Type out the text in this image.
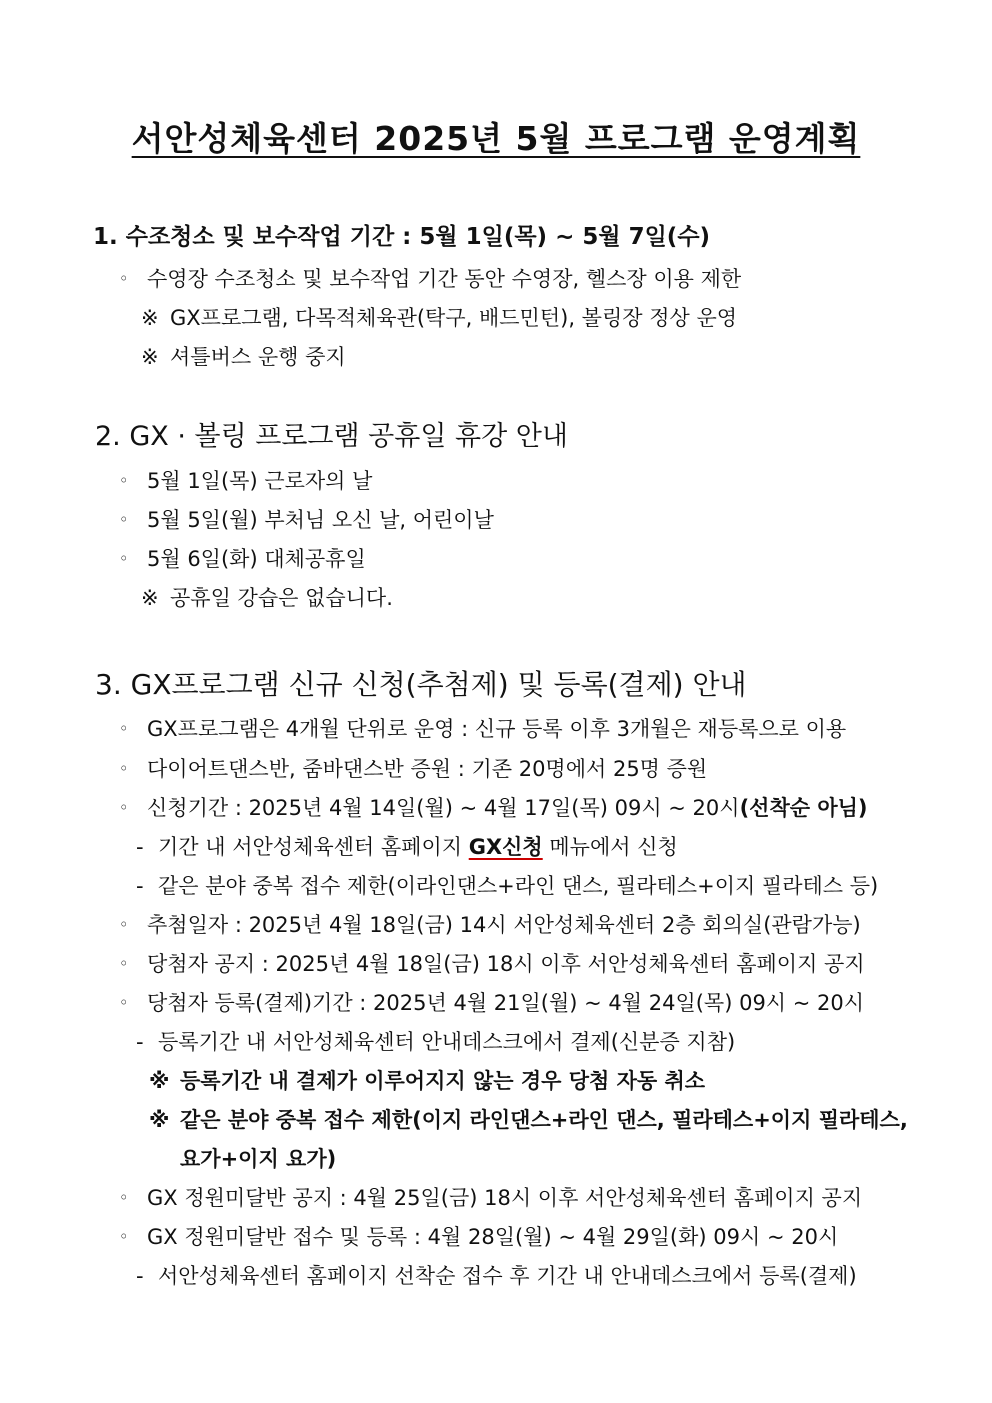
서안성체육센터 2025년 5월 프로그램 운영계획
1. 수조청소 및 보수작업 기간 : 5월 1일(목) ~ 5월 7일(수)
◦ 수영장 수조청소 및 보수작업 기간 동안 수영장, 헬스장 이용 제한
※ GX프로그램, 다목적체육관(탁구, 배드민턴), 볼링장 정상 운영
※ 셔틀버스 운행 중지
2. GX · 볼링 프로그램 공휴일 휴강 안내
◦ 5월 1일(목) 근로자의 날
◦ 5월 5일(월) 부처님 오신 날, 어린이날
◦ 5월 6일(화) 대체공휴일
※ 공휴일 강습은 없습니다.
3. GX프로그램 신규 신청(추첨제) 및 등록(결제) 안내
◦ GX프로그램은 4개월 단위로 운영 : 신규 등록 이후 3개월은 재등록으로 이용
◦ 다이어트댄스반, 줌바댄스반 증원 : 기존 20명에서 25명 증원
◦ 신청기간 : 2025년 4월 14일(월) ~ 4월 17일(목) 09시 ~ 20시(선착순 아님)
- 기간 내 서안성체육센터 홈페이지 GX신청 메뉴에서 신청
- 같은 분야 중복 접수 제한(이라인댄스+라인 댄스, 필라테스+이지 필라테스 등)
◦ 추첨일자 : 2025년 4월 18일(금) 14시 서안성체육센터 2층 회의실(관람가능)
◦ 당첨자 공지 : 2025년 4월 18일(금) 18시 이후 서안성체육센터 홈페이지 공지
◦ 당첨자 등록(결제)기간 : 2025년 4월 21일(월) ~ 4월 24일(목) 09시 ~ 20시
- 등록기간 내 서안성체육센터 안내데스크에서 결제(신분증 지참)
※ 등록기간 내 결제가 이루어지지 않는 경우 당첨 자동 취소
※ 같은 분야 중복 접수 제한(이지 라인댄스+라인 댄스, 필라테스+이지 필라테스,
요가+이지 요가)
◦ GX 정원미달반 공지 : 4월 25일(금) 18시 이후 서안성체육센터 홈페이지 공지
◦ GX 정원미달반 접수 및 등록 : 4월 28일(월) ~ 4월 29일(화) 09시 ~ 20시
- 서안성체육센터 홈페이지 선착순 접수 후 기간 내 안내데스크에서 등록(결제)
